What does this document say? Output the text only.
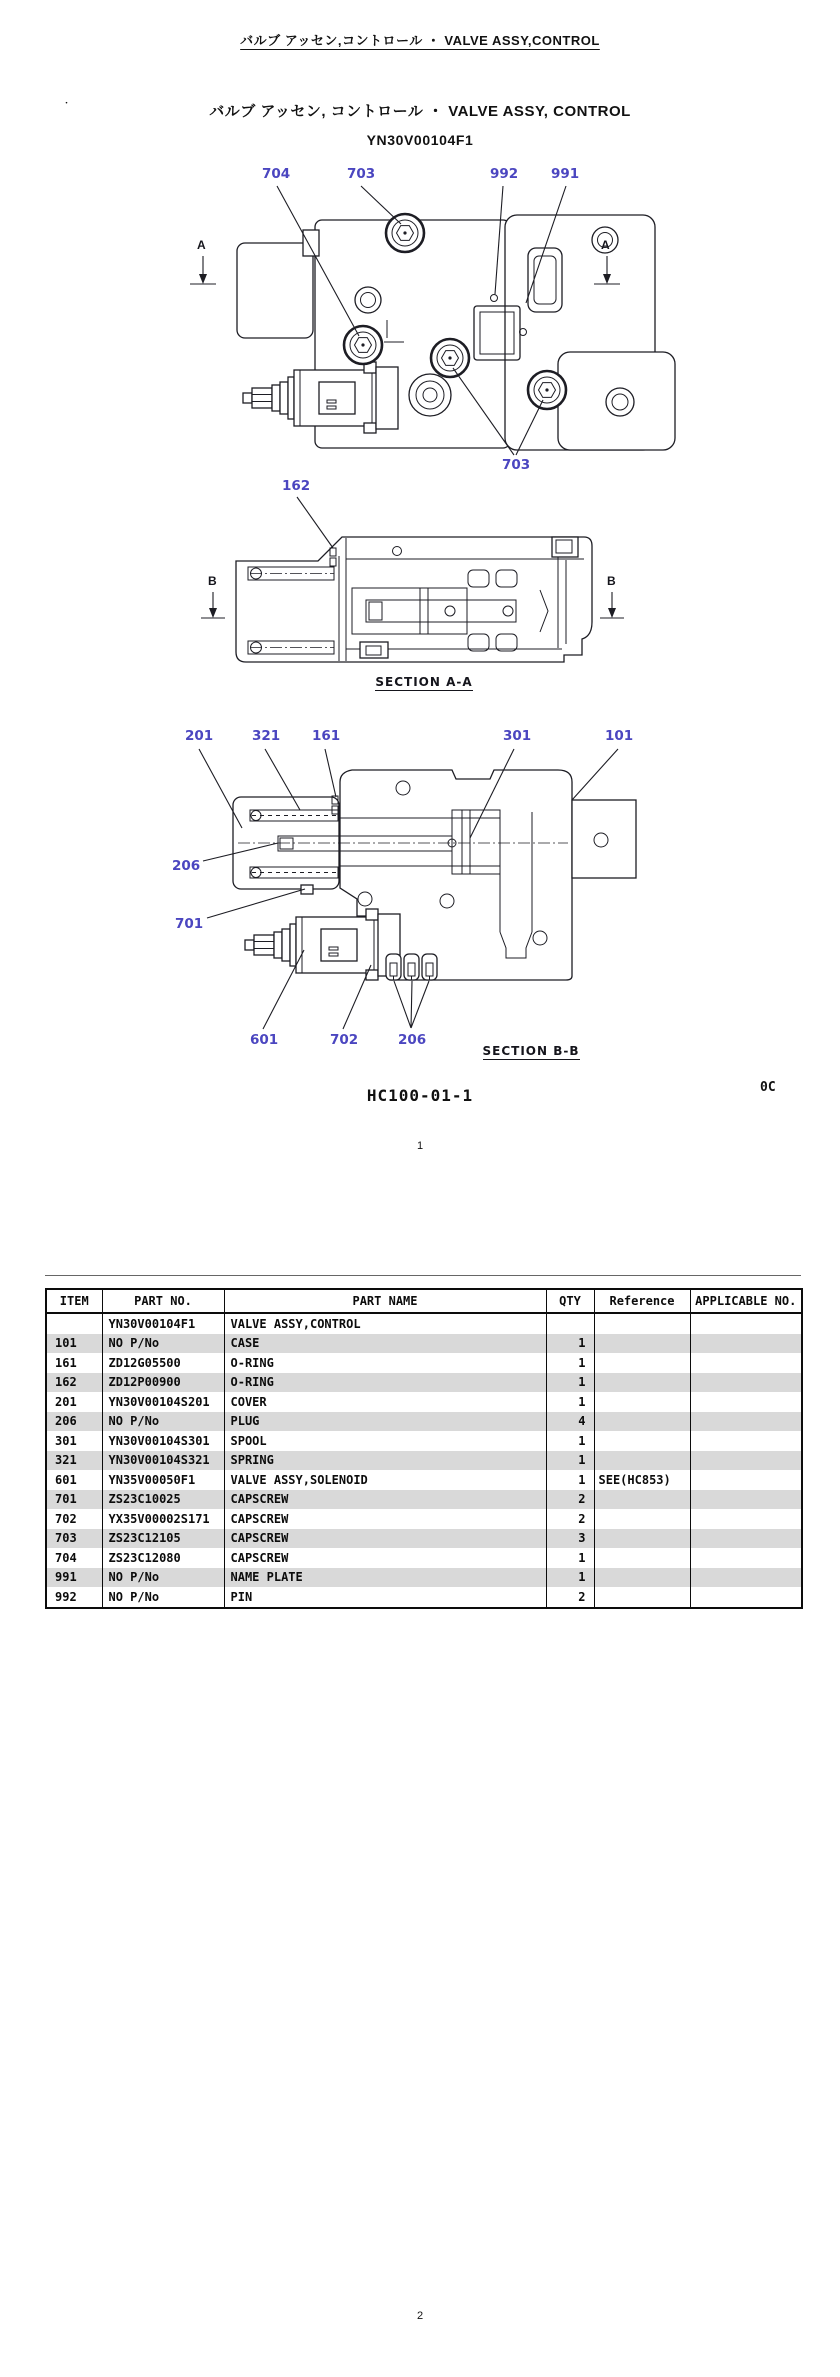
バルブ アッセン,コントロール ・ VALVE ASSY,CONTROL
・	バルブ アッセン, コントロール ・ VALVE ASSY, CONTROL
YN30V00104F1
704	703	992 991
703
162
201	321 161	301	101
206
701
601	702	206
A	A
B	B
SECTION A-A
SECTION B-B
HC100-01-1	0C
1
ITEM	PART NO.	PART NAME	QTY	Reference	APPLICABLE NO.
	YN30V00104F1	VALVE ASSY,CONTROL			
101	NO P/No	CASE	1		
161	ZD12G05500	O-RING	1		
162	ZD12P00900	O-RING	1		
201	YN30V00104S201	COVER	1		
206	NO P/No	PLUG	4		
301	YN30V00104S301	SPOOL	1		
321	YN30V00104S321	SPRING	1		
601	YN35V00050F1	VALVE ASSY,SOLENOID	1	SEE(HC853)	
701	ZS23C10025	CAPSCREW	2		
702	YX35V00002S171	CAPSCREW	2		
703	ZS23C12105	CAPSCREW	3		
704	ZS23C12080	CAPSCREW	1		
991	NO P/No	NAME PLATE	1		
992	NO P/No	PIN	2		
2
